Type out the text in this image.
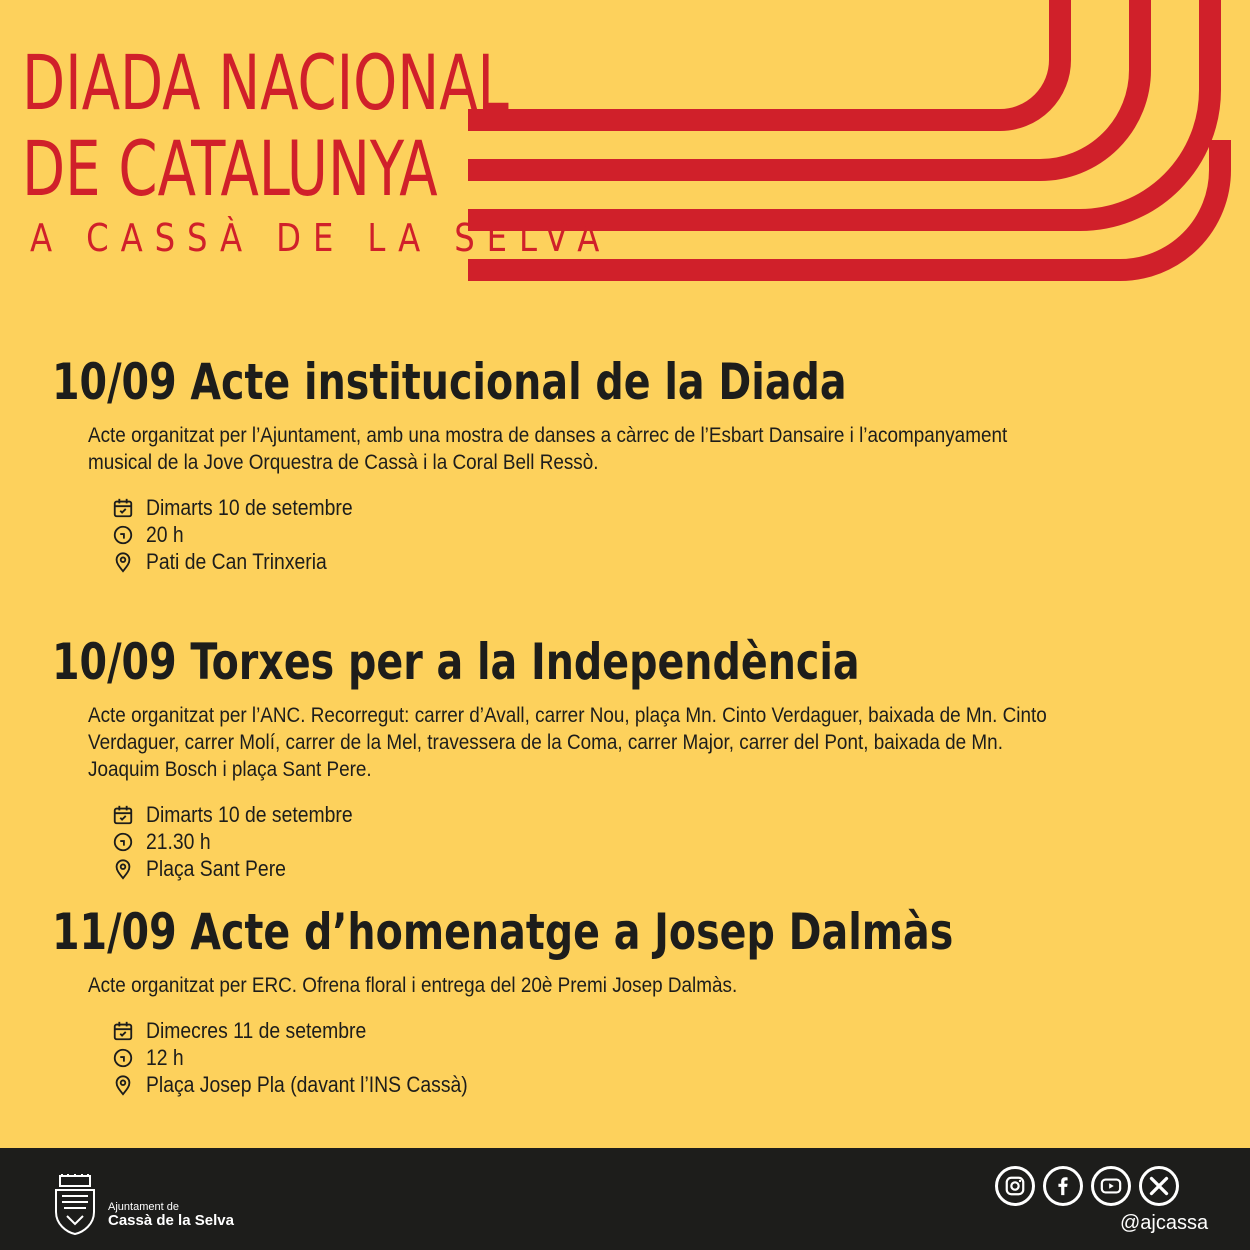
DIADA NACIONAL
DE CATALUNYA
A CASSÀ DE LA SELVA
10/09 Acte institucional de la Diada
Acte organitzat per l’Ajuntament, amb una mostra de danses a càrrec de l’Esbart Dansaire i l’acompanyament musical de la Jove Orquestra de Cassà i la Coral Bell Ressò.
Dimarts 10 de setembre
20 h
Pati de Can Trinxeria
10/09 Torxes per a la Independència
Acte organitzat per l’ANC. Recorregut: carrer d’Avall, carrer Nou, plaça Mn. Cinto Verdaguer, baixada de Mn. Cinto Verdaguer, carrer Molí, carrer de la Mel, travessera de la Coma, carrer Major, carrer del Pont, baixada de Mn. Joaquim Bosch i plaça Sant Pere.
Dimarts 10 de setembre
21.30 h
Plaça Sant Pere
11/09 Acte d’homenatge a Josep Dalmàs
Acte organitzat per ERC. Ofrena floral i entrega del 20è Premi Josep Dalmàs.
Dimecres 11 de setembre
12 h
Plaça Josep Pla (davant l’INS Cassà)
Ajuntament de
Cassà de la Selva	@ajcassa
